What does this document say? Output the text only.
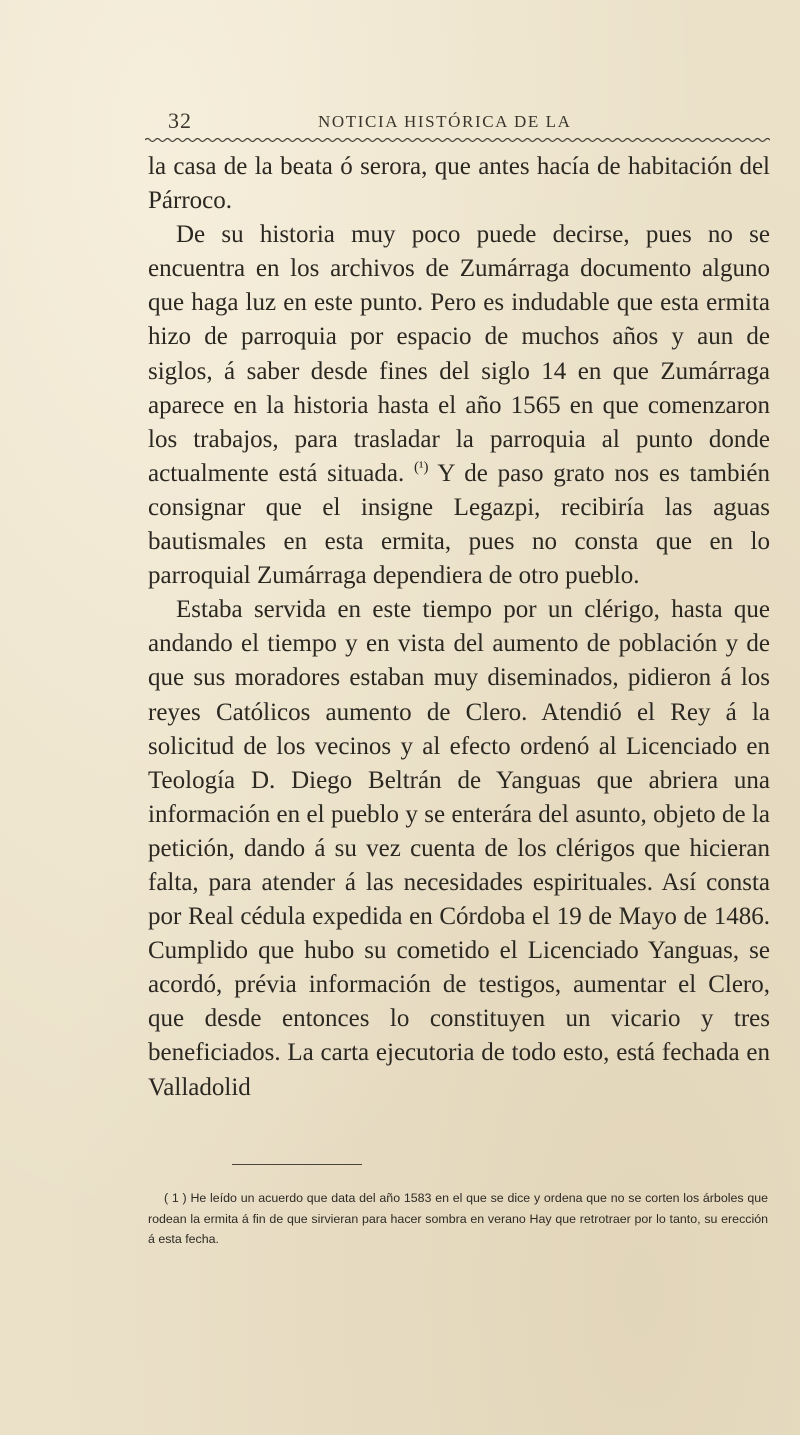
32	NOTICIA HISTÓRICA DE LA

la casa de la beata ó serora, que antes hacía de habitación del Párroco.

De su historia muy poco puede decirse, pues no se encuentra en los archivos de Zumárraga documento alguno que haga luz en este punto. Pero es indudable que esta ermita hizo de parroquia por espacio de muchos años y aun de siglos, á saber desde fines del siglo 14 en que Zumárraga aparece en la historia hasta el año 1565 en que comenzaron los trabajos, para trasladar la parroquia al punto donde actualmente está situada. $^{(^1)}$ Y de paso grato nos es también consignar que el insigne Legazpi, recibiría las aguas bautismales en esta ermita, pues no consta que en lo parroquial Zumárraga dependiera de otro pueblo.

Estaba servida en este tiempo por un clérigo, hasta que andando el tiempo y en vista del aumento de población y de que sus moradores estaban muy diseminados, pidieron á los reyes Católicos aumento de Clero. Atendió el Rey á la solicitud de los vecinos y al efecto ordenó al Licenciado en Teología D. Diego Beltrán de Yanguas que abriera una información en el pueblo y se enterára del asunto, objeto de la petición, dando á su vez cuenta de los clérigos que hicieran falta, para atender á las necesidades espirituales. Así consta por Real cédula expedida en Córdoba el 19 de Mayo de 1486. Cumplido que hubo su cometido el Licenciado Yanguas, se acordó, prévia información de testigos, aumentar el Clero, que desde entonces lo constituyen un vicario y tres beneficiados. La carta ejecutoria de todo esto, está fechada en Valladolid

( 1 ) He leído un acuerdo que data del año 1583 en el que se dice y ordena que no se corten los árboles que rodean la ermita á fin de que sirvieran para hacer sombra en verano Hay que retrotraer por lo tanto, su erección á esta fecha.
